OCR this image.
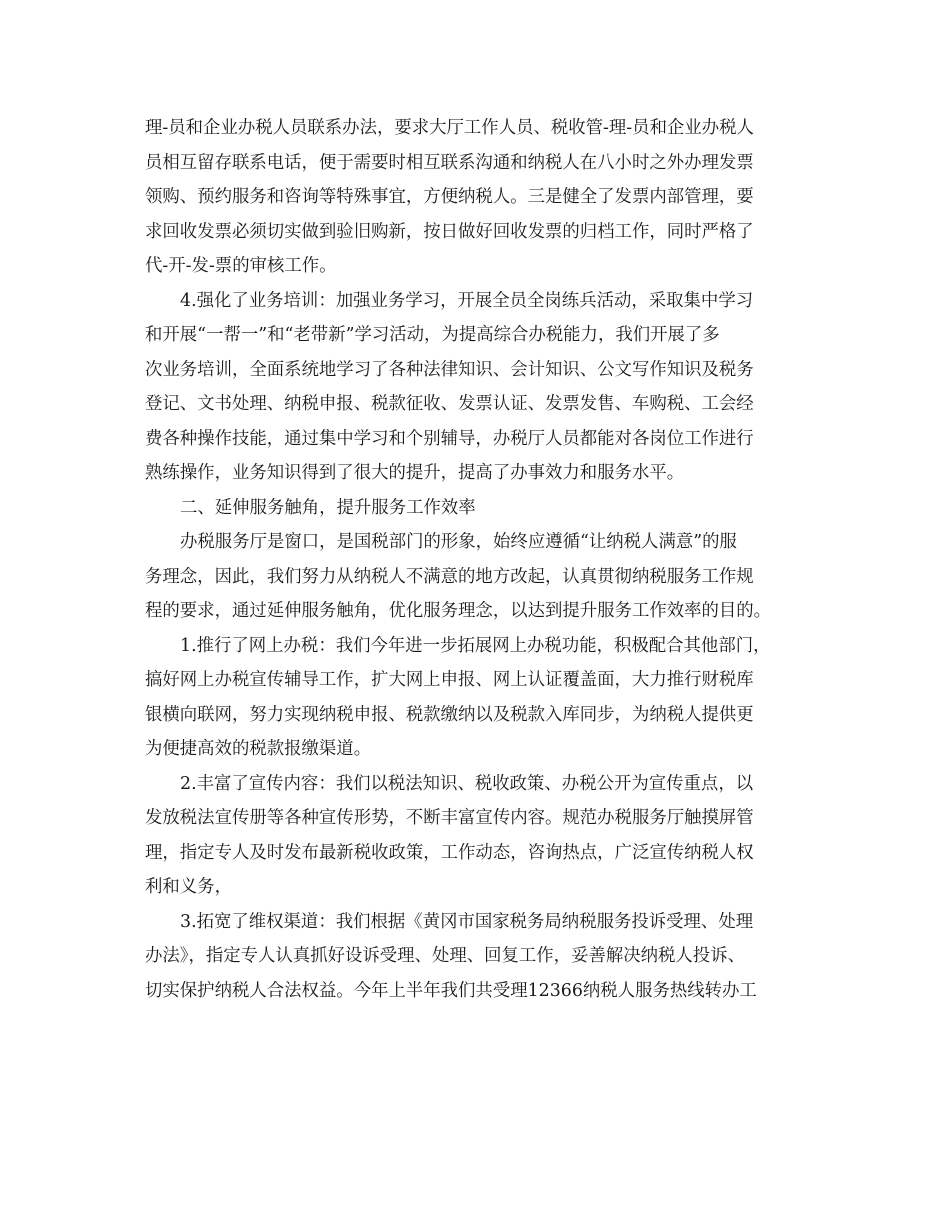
理-员和企业办税人员联系办法，要求大厅工作人员、税收管-理-员和企业办税人
员相互留存联系电话，便于需要时相互联系沟通和纳税人在八小时之外办理发票
领购、预约服务和咨询等特殊事宜，方便纳税人。三是健全了发票内部管理，要
求回收发票必须切实做到验旧购新，按日做好回收发票的归档工作，同时严格了
代-开-发-票的审核工作。
4.强化了业务培训：加强业务学习，开展全员全岗练兵活动，采取集中学习
和开展“一帮一”和“老带新”学习活动，为提高综合办税能力，我们开展了多
次业务培训，全面系统地学习了各种法律知识、会计知识、公文写作知识及税务
登记、文书处理、纳税申报、税款征收、发票认证、发票发售、车购税、工会经
费各种操作技能，通过集中学习和个别辅导，办税厅人员都能对各岗位工作进行
熟练操作，业务知识得到了很大的提升，提高了办事效力和服务水平。
二、延伸服务触角，提升服务工作效率
办税服务厅是窗口，是国税部门的形象，始终应遵循“让纳税人满意”的服
务理念，因此，我们努力从纳税人不满意的地方改起，认真贯彻纳税服务工作规
程的要求，通过延伸服务触角，优化服务理念，以达到提升服务工作效率的目的。
1.推行了网上办税：我们今年进一步拓展网上办税功能，积极配合其他部门，
搞好网上办税宣传辅导工作，扩大网上申报、网上认证覆盖面，大力推行财税库
银横向联网，努力实现纳税申报、税款缴纳以及税款入库同步，为纳税人提供更
为便捷高效的税款报缴渠道。
2.丰富了宣传内容：我们以税法知识、税收政策、办税公开为宣传重点，以
发放税法宣传册等各种宣传形势，不断丰富宣传内容。规范办税服务厅触摸屏管
理，指定专人及时发布最新税收政策，工作动态，咨询热点，广泛宣传纳税人权
利和义务，
3.拓宽了维权渠道：我们根据《黄冈市国家税务局纳税服务投诉受理、处理
办法》，指定专人认真抓好设诉受理、处理、回复工作，妥善解决纳税人投诉、
切实保护纳税人合法权益。今年上半年我们共受理12366纳税人服务热线转办工
